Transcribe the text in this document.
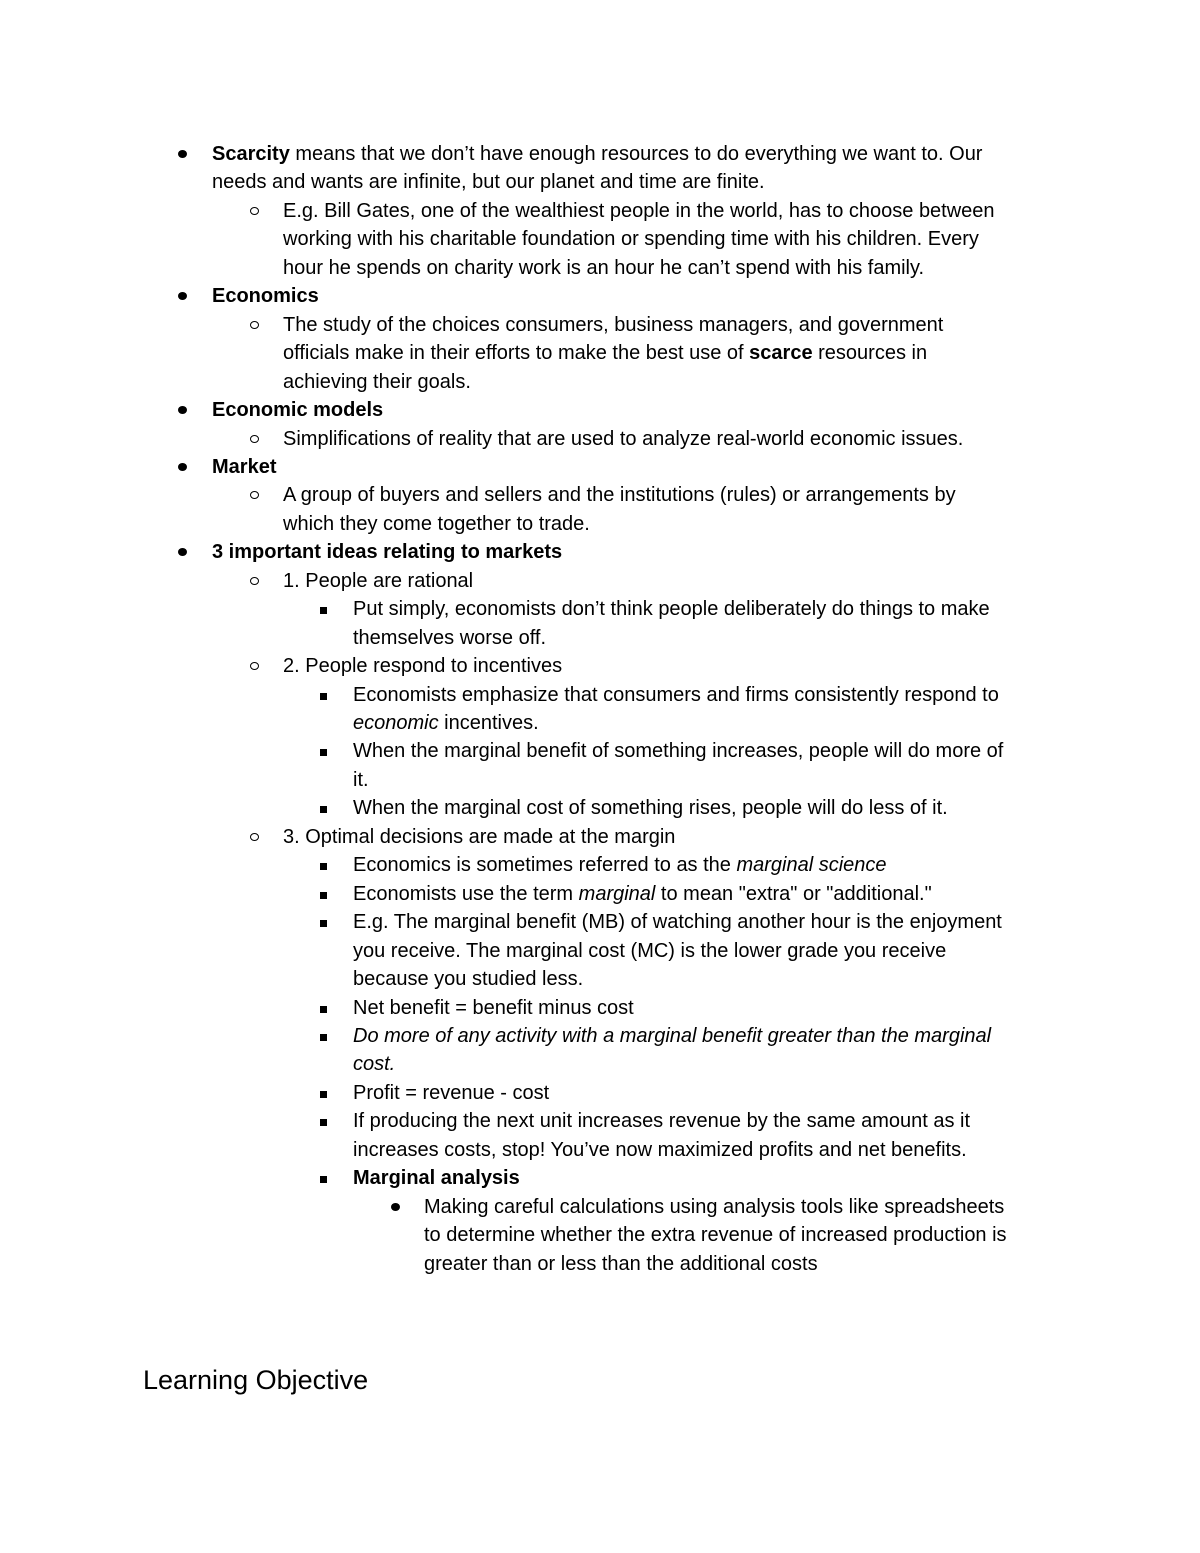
Scarcity means that we don’t have enough resources to do everything we want to. Our
needs and wants are infinite, but our planet and time are finite.
E.g. Bill Gates, one of the wealthiest people in the world, has to choose between
working with his charitable foundation or spending time with his children. Every
hour he spends on charity work is an hour he can’t spend with his family.
Economics
The study of the choices consumers, business managers, and government
officials make in their efforts to make the best use of scarce resources in
achieving their goals.
Economic models
Simplifications of reality that are used to analyze real-world economic issues.
Market
A group of buyers and sellers and the institutions (rules) or arrangements by
which they come together to trade.
3 important ideas relating to markets
1. People are rational
Put simply, economists don’t think people deliberately do things to make
themselves worse off.
2. People respond to incentives
Economists emphasize that consumers and firms consistently respond to
economic incentives.
When the marginal benefit of something increases, people will do more of
it.
When the marginal cost of something rises, people will do less of it.
3. Optimal decisions are made at the margin
Economics is sometimes referred to as the marginal science
Economists use the term marginal to mean "extra" or "additional."
E.g. The marginal benefit (MB) of watching another hour is the enjoyment
you receive. The marginal cost (MC) is the lower grade you receive
because you studied less.
Net benefit = benefit minus cost
Do more of any activity with a marginal benefit greater than the marginal
cost.
Profit = revenue - cost
If producing the next unit increases revenue by the same amount as it
increases costs, stop! You’ve now maximized profits and net benefits.
Marginal analysis
Making careful calculations using analysis tools like spreadsheets
to determine whether the extra revenue of increased production is
greater than or less than the additional costs
Learning Objective
